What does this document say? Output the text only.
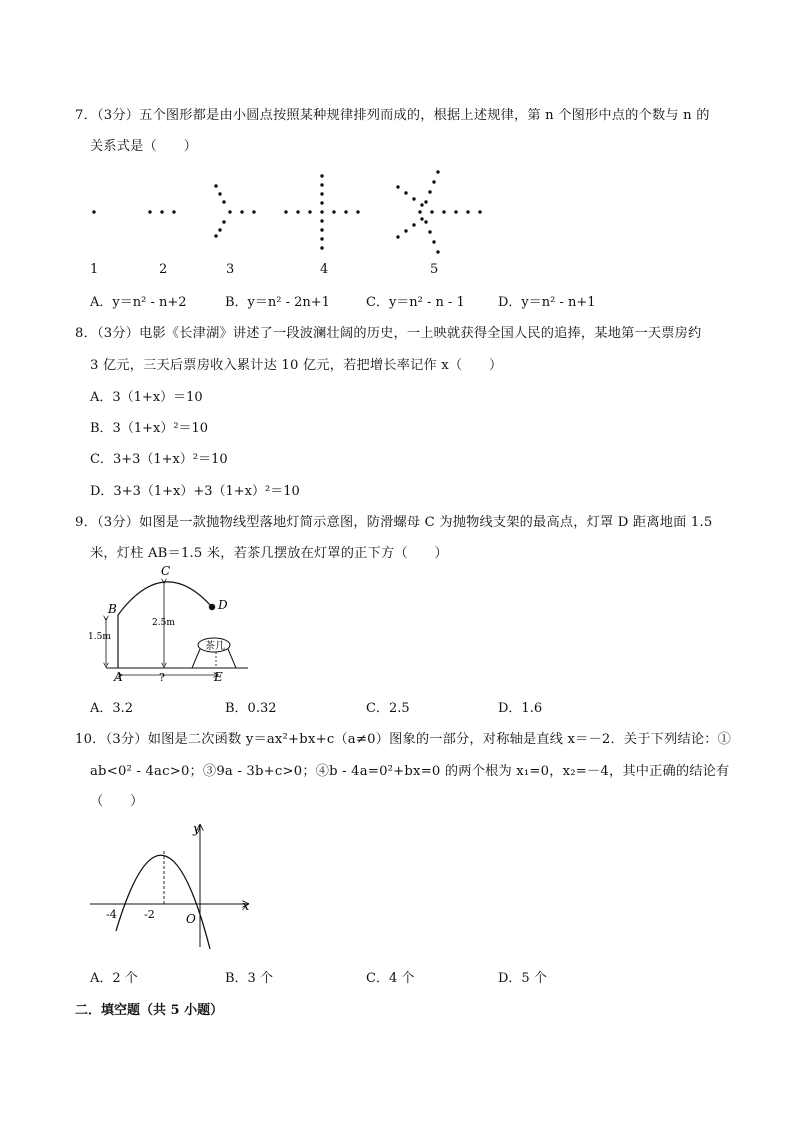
7．（3分）五个图形都是由小圆点按照某种规律排列而成的，根据上述规律，第 n 个图形中点的个数与 n 的
关系式是（　　）
1	2	3	4	5
A．y＝n² - n+2	B．y＝n² - 2n+1	C．y＝n² - n - 1	D．y＝n² - n+1
8．（3分）电影《长津湖》讲述了一段波澜壮阔的历史，一上映就获得全国人民的追捧，某地第一天票房约
3 亿元，三天后票房收入累计达 10 亿元，若把增长率记作 x（　　）
A．3（1+x）＝10
B．3（1+x）²＝10
C．3+3（1+x）²＝10
D．3+3（1+x）+3（1+x）²＝10
9．（3分）如图是一款抛物线型落地灯简示意图，防滑螺母 C 为抛物线支架的最高点，灯罩 D 距离地面 1.5
米，灯柱 AB＝1.5 米，若茶几摆放在灯罩的正下方（　　）
C
D
B
A	E
1.5m
2.5m
?
茶几
A．3.2	B．0.32	C．2.5	D．1.6
10．（3分）如图是二次函数 y＝ax²+bx+c（a≠0）图象的一部分，对称轴是直线 x＝－2．关于下列结论：①
ab<0² - 4ac>0；③9a - 3b+c>0；④b - 4a=0²+bx=0 的两个根为 x₁=0，x₂=－4，其中正确的结论有
（　　）
y
x
O
-4 -2
A．2 个	B．3 个	C．4 个	D．5 个
二．填空题（共 5 小题）
